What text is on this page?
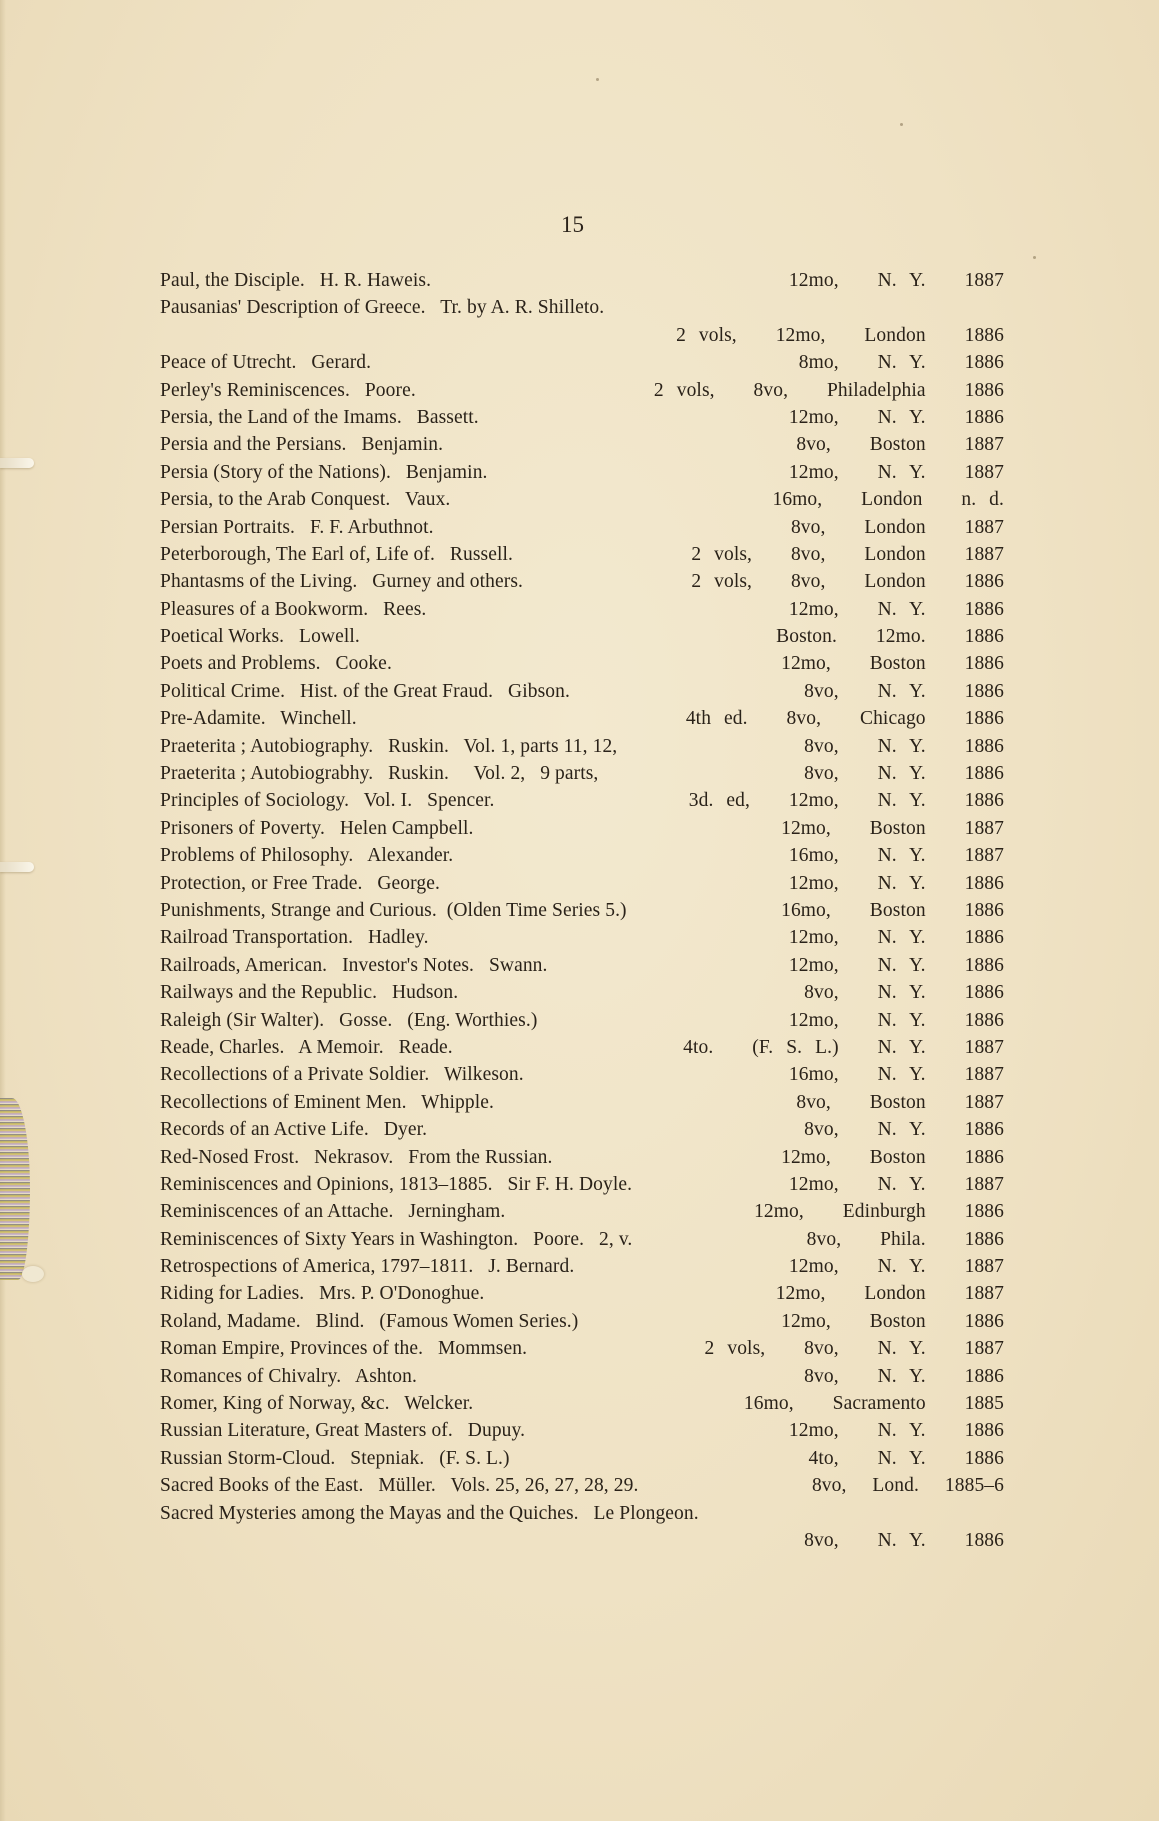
15
Paul, the Disciple.   H. R. Haweis.	12mo,   N. Y.   1887
Pausanias' Description of Greece.   Tr. by A. R. Shilleto.
2 vols,   12mo,   London   1886
Peace of Utrecht.   Gerard.	8mo,   N. Y.   1886
Perley's Reminiscences.   Poore.	2 vols,   8vo,   Philadelphia   1886
Persia, the Land of the Imams.   Bassett.	12mo,   N. Y.   1886
Persia and the Persians.   Benjamin.	8vo,   Boston   1887
Persia (Story of the Nations).   Benjamin.	12mo,   N. Y.   1887
Persia, to the Arab Conquest.   Vaux.	16mo,   London   n. d.
Persian Portraits.   F. F. Arbuthnot.	8vo,   London   1887
Peterborough, The Earl of, Life of.   Russell.	2 vols,   8vo,   London   1887
Phantasms of the Living.   Gurney and others.	2 vols,   8vo,   London   1886
Pleasures of a Bookworm.   Rees.	12mo,   N. Y.   1886
Poetical Works.   Lowell.	Boston.   12mo.   1886
Poets and Problems.   Cooke.	12mo,   Boston   1886
Political Crime.   Hist. of the Great Fraud.   Gibson.	8vo,   N. Y.   1886
Pre-Adamite.   Winchell.	4th ed.   8vo,   Chicago   1886
Praeterita ; Autobiography.   Ruskin.   Vol. 1, parts 11, 12,	8vo,   N. Y.   1886
Praeterita ; Autobiograbhy.   Ruskin.     Vol. 2,   9 parts,	8vo,   N. Y.   1886
Principles of Sociology.   Vol. I.   Spencer.	3d. ed,   12mo,   N. Y.   1886
Prisoners of Poverty.   Helen Campbell.	12mo,   Boston   1887
Problems of Philosophy.   Alexander.	16mo,   N. Y.   1887
Protection, or Free Trade.   George.	12mo,   N. Y.   1886
Punishments, Strange and Curious.  (Olden Time Series 5.)	16mo,   Boston   1886
Railroad Transportation.   Hadley.	12mo,   N. Y.   1886
Railroads, American.   Investor's Notes.   Swann.	12mo,   N. Y.   1886
Railways and the Republic.   Hudson.	8vo,   N. Y.   1886
Raleigh (Sir Walter).   Gosse.   (Eng. Worthies.)	12mo,   N. Y.   1886
Reade, Charles.   A Memoir.   Reade.	4to.   (F. S. L.)   N. Y.   1887
Recollections of a Private Soldier.   Wilkeson.	16mo,   N. Y.   1887
Recollections of Eminent Men.   Whipple.	8vo,   Boston   1887
Records of an Active Life.   Dyer.	8vo,   N. Y.   1886
Red-Nosed Frost.   Nekrasov.   From the Russian.	12mo,   Boston   1886
Reminiscences and Opinions, 1813–1885.   Sir F. H. Doyle.	12mo,   N. Y.   1887
Reminiscences of an Attache.   Jerningham.	12mo,   Edinburgh   1886
Reminiscences of Sixty Years in Washington.   Poore.   2, v.	8vo,   Phila.   1886
Retrospections of America, 1797–1811.   J. Bernard.	12mo,   N. Y.   1887
Riding for Ladies.   Mrs. P. O'Donoghue.	12mo,   London   1887
Roland, Madame.   Blind.   (Famous Women Series.)	12mo,   Boston   1886
Roman Empire, Provinces of the.   Mommsen.	2 vols,   8vo,   N. Y.   1887
Romances of Chivalry.   Ashton.	8vo,   N. Y.   1886
Romer, King of Norway, &c.   Welcker.	16mo,   Sacramento   1885
Russian Literature, Great Masters of.   Dupuy.	12mo,   N. Y.   1886
Russian Storm-Cloud.   Stepniak.   (F. S. L.)	4to,   N. Y.   1886
Sacred Books of the East.   Müller.   Vols. 25, 26, 27, 28, 29.	8vo,  Lond.  1885–6
Sacred Mysteries among the Mayas and the Quiches.   Le Plongeon.
8vo,   N. Y.   1886
